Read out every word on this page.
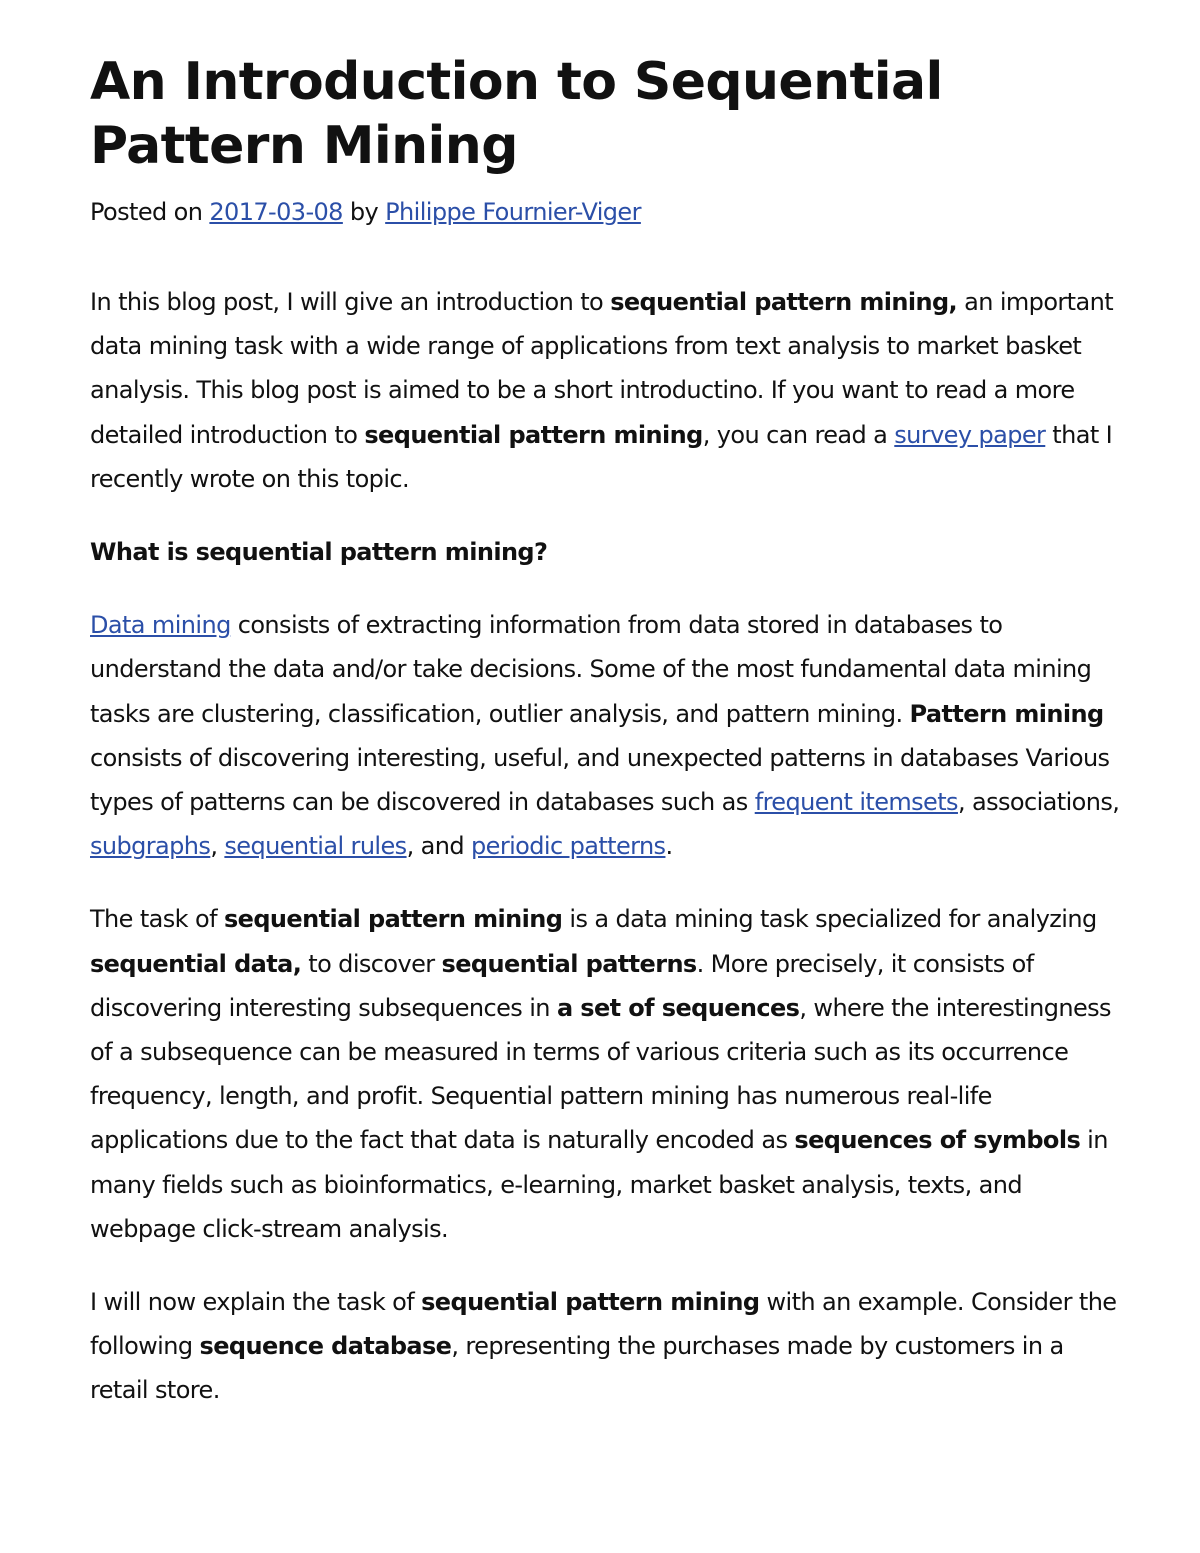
An Introduction to Sequential Pattern Mining
Posted on 2017-03-08 by Philippe Fournier-Viger

In this blog post, I will give an introduction to sequential pattern mining, an important data mining task with a wide range of applications from text analysis to market basket analysis. This blog post is aimed to be a short introductino. If you want to read a more detailed introduction to sequential pattern mining, you can read a survey paper that I recently wrote on this topic.

What is sequential pattern mining?

Data mining consists of extracting information from data stored in databases to understand the data and/or take decisions. Some of the most fundamental data mining tasks are clustering, classification, outlier analysis, and pattern mining. Pattern mining consists of discovering interesting, useful, and unexpected patterns in databases Various types of patterns can be discovered in databases such as frequent itemsets, associations, subgraphs, sequential rules, and periodic patterns.

The task of sequential pattern mining is a data mining task specialized for analyzing sequential data, to discover sequential patterns. More precisely, it consists of discovering interesting subsequences in a set of sequences, where the interestingness of a subsequence can be measured in terms of various criteria such as its occurrence frequency, length, and profit. Sequential pattern mining has numerous real-life applications due to the fact that data is naturally encoded as sequences of symbols in many fields such as bioinformatics, e-learning, market basket analysis, texts, and webpage click-stream analysis.

I will now explain the task of sequential pattern mining with an example. Consider the following sequence database, representing the purchases made by customers in a retail store.
